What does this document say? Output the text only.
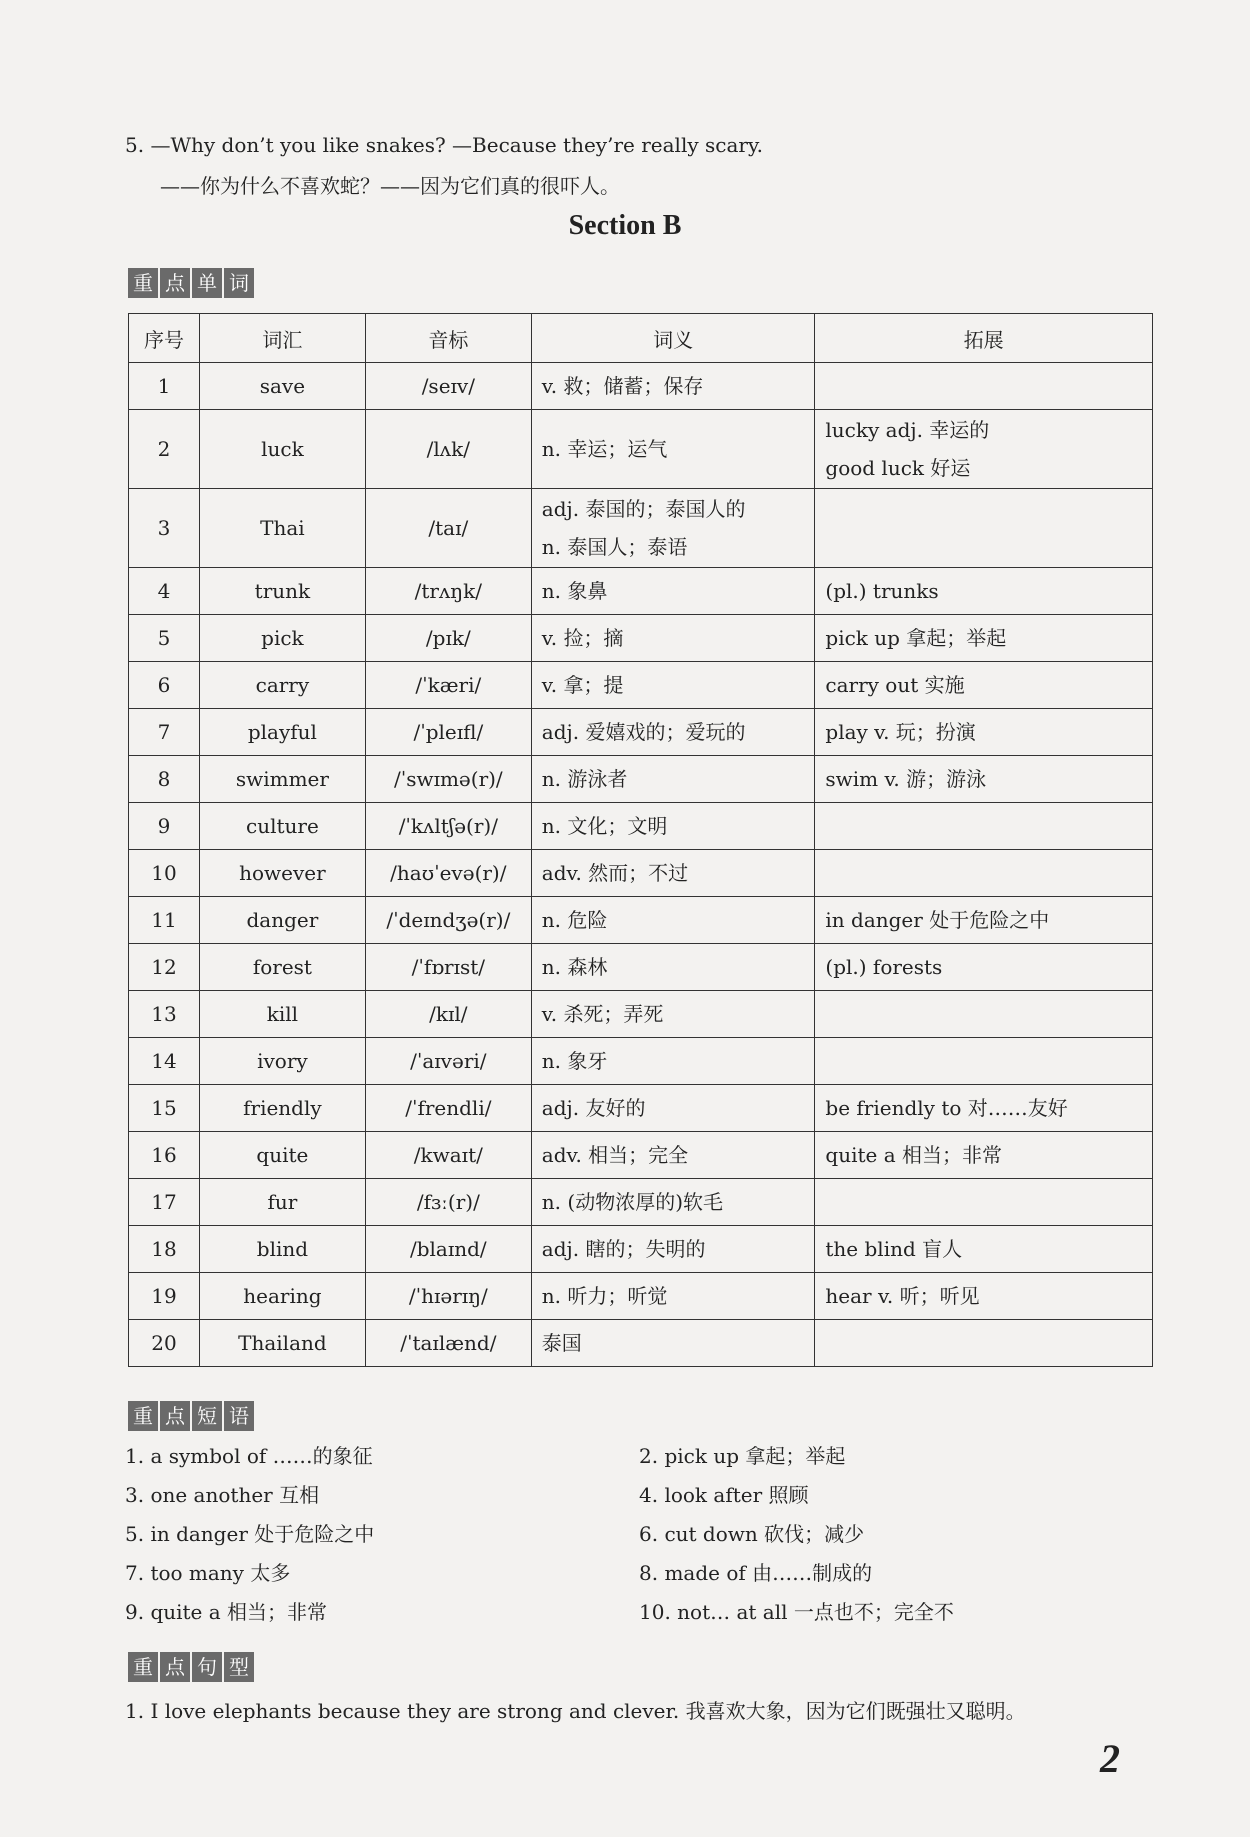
5. —Why don’t you like snakes? —Because they’re really scary.
——你为什么不喜欢蛇？——因为它们真的很吓人。
Section B
重 点 单 词
序号	词汇	音标	词义	拓展
1	save	/seɪv/	v. 救；储蓄；保存	

2	luck	/lʌk/	n. 幸运；运气	lucky adj. 幸运的
good luck 好运

3	Thai	/taɪ/	adj. 泰国的；泰国人的
n. 泰国人；泰语	

4	trunk	/trʌŋk/	n. 象鼻	(pl.) trunks

5	pick	/pɪk/	v. 捡；摘	pick up 拿起；举起

6	carry	/ˈkæri/	v. 拿；提	carry out 实施

7	playful	/ˈpleɪfl/	adj. 爱嬉戏的；爱玩的	play v. 玩；扮演

8	swimmer	/ˈswɪmə(r)/	n. 游泳者	swim v. 游；游泳

9	culture	/ˈkʌltʃə(r)/	n. 文化；文明	

10	however	/haʊˈevə(r)/	adv. 然而；不过	

11	danger	/ˈdeɪndʒə(r)/	n. 危险	in danger 处于危险之中

12	forest	/ˈfɒrɪst/	n. 森林	(pl.) forests

13	kill	/kɪl/	v. 杀死；弄死	

14	ivory	/ˈaɪvəri/	n. 象牙	

15	friendly	/ˈfrendli/	adj. 友好的	be friendly to 对……友好

16	quite	/kwaɪt/	adv. 相当；完全	quite a 相当；非常

17	fur	/fɜː(r)/	n. (动物浓厚的)软毛	

18	blind	/blaɪnd/	adj. 瞎的；失明的	the blind 盲人

19	hearing	/ˈhɪərɪŋ/	n. 听力；听觉	hear v. 听；听见

20	Thailand	/ˈtaɪlænd/	泰国	

重 点 短 语
1. a symbol of ……的象征	2. pick up 拿起；举起
3. one another 互相	4. look after 照顾
5. in danger 处于危险之中	6. cut down 砍伐；减少
7. too many 太多	8. made of 由……制成的
9. quite a 相当；非常	10. not… at all 一点也不；完全不
重 点 句 型
1. I love elephants because they are strong and clever. 我喜欢大象，因为它们既强壮又聪明。
2
